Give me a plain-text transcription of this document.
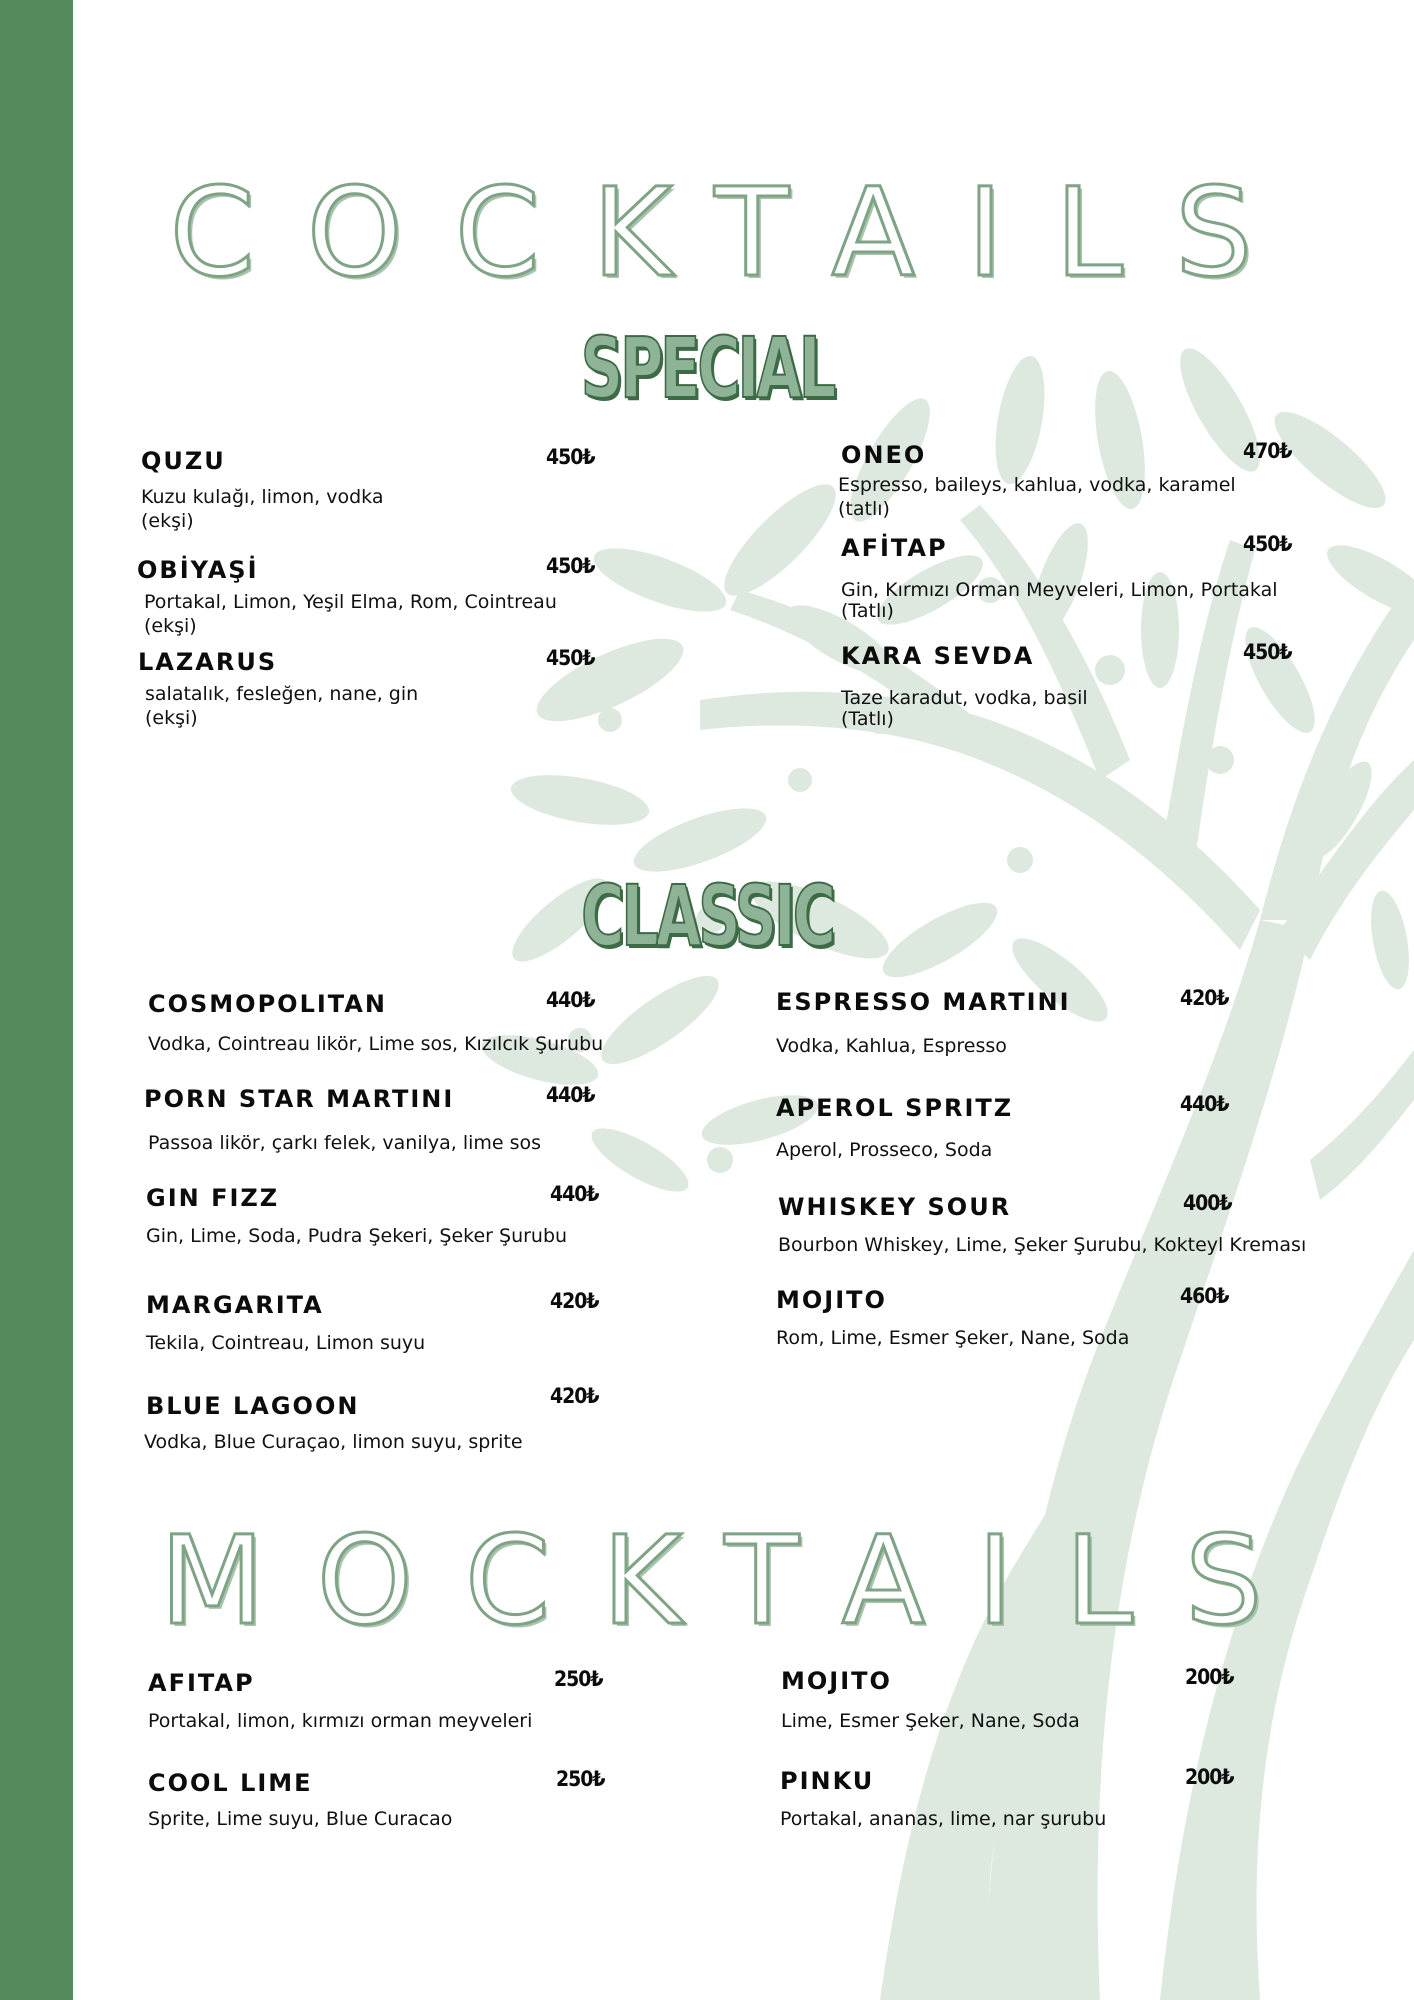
COCKTAILS
SPECIAL
QUZU	450₺
Kuzu kulağı, limon, vodka
(ekşi)
OBİYAŞİ	450₺
Portakal, Limon, Yeşil Elma, Rom, Cointreau
(ekşi)
LAZARUS	450₺
salatalık, fesleğen, nane, gin
(ekşi)
ONEO	470₺
Espresso, baileys, kahlua, vodka, karamel
(tatlı)
AFİTAP	450₺
Gin, Kırmızı Orman Meyveleri, Limon, Portakal
(Tatlı)
KARA SEVDA	450₺
Taze karadut, vodka, basil
(Tatlı)
CLASSIC
COSMOPOLITAN	440₺
Vodka, Cointreau likör, Lime sos, Kızılcık Şurubu
PORN STAR MARTINI	440₺
Passoa likör, çarkı felek, vanilya, lime sos
GIN FIZZ	440₺
Gin, Lime, Soda, Pudra Şekeri, Şeker Şurubu
MARGARITA	420₺
Tekila, Cointreau, Limon suyu
BLUE LAGOON	420₺
Vodka, Blue Curaçao, limon suyu, sprite
ESPRESSO MARTINI	420₺
Vodka, Kahlua, Espresso
APEROL SPRITZ	440₺
Aperol, Prosseco, Soda
WHISKEY SOUR	400₺
Bourbon Whiskey, Lime, Şeker Şurubu, Kokteyl Kreması
MOJITO	460₺
Rom, Lime, Esmer Şeker, Nane, Soda
MOCKTAILS
AFITAP	250₺
Portakal, limon, kırmızı orman meyveleri
COOL LIME	250₺
Sprite, Lime suyu, Blue Curacao
MOJITO	200₺
Lime, Esmer Şeker, Nane, Soda
PINKU	200₺
Portakal, ananas, lime, nar şurubu
